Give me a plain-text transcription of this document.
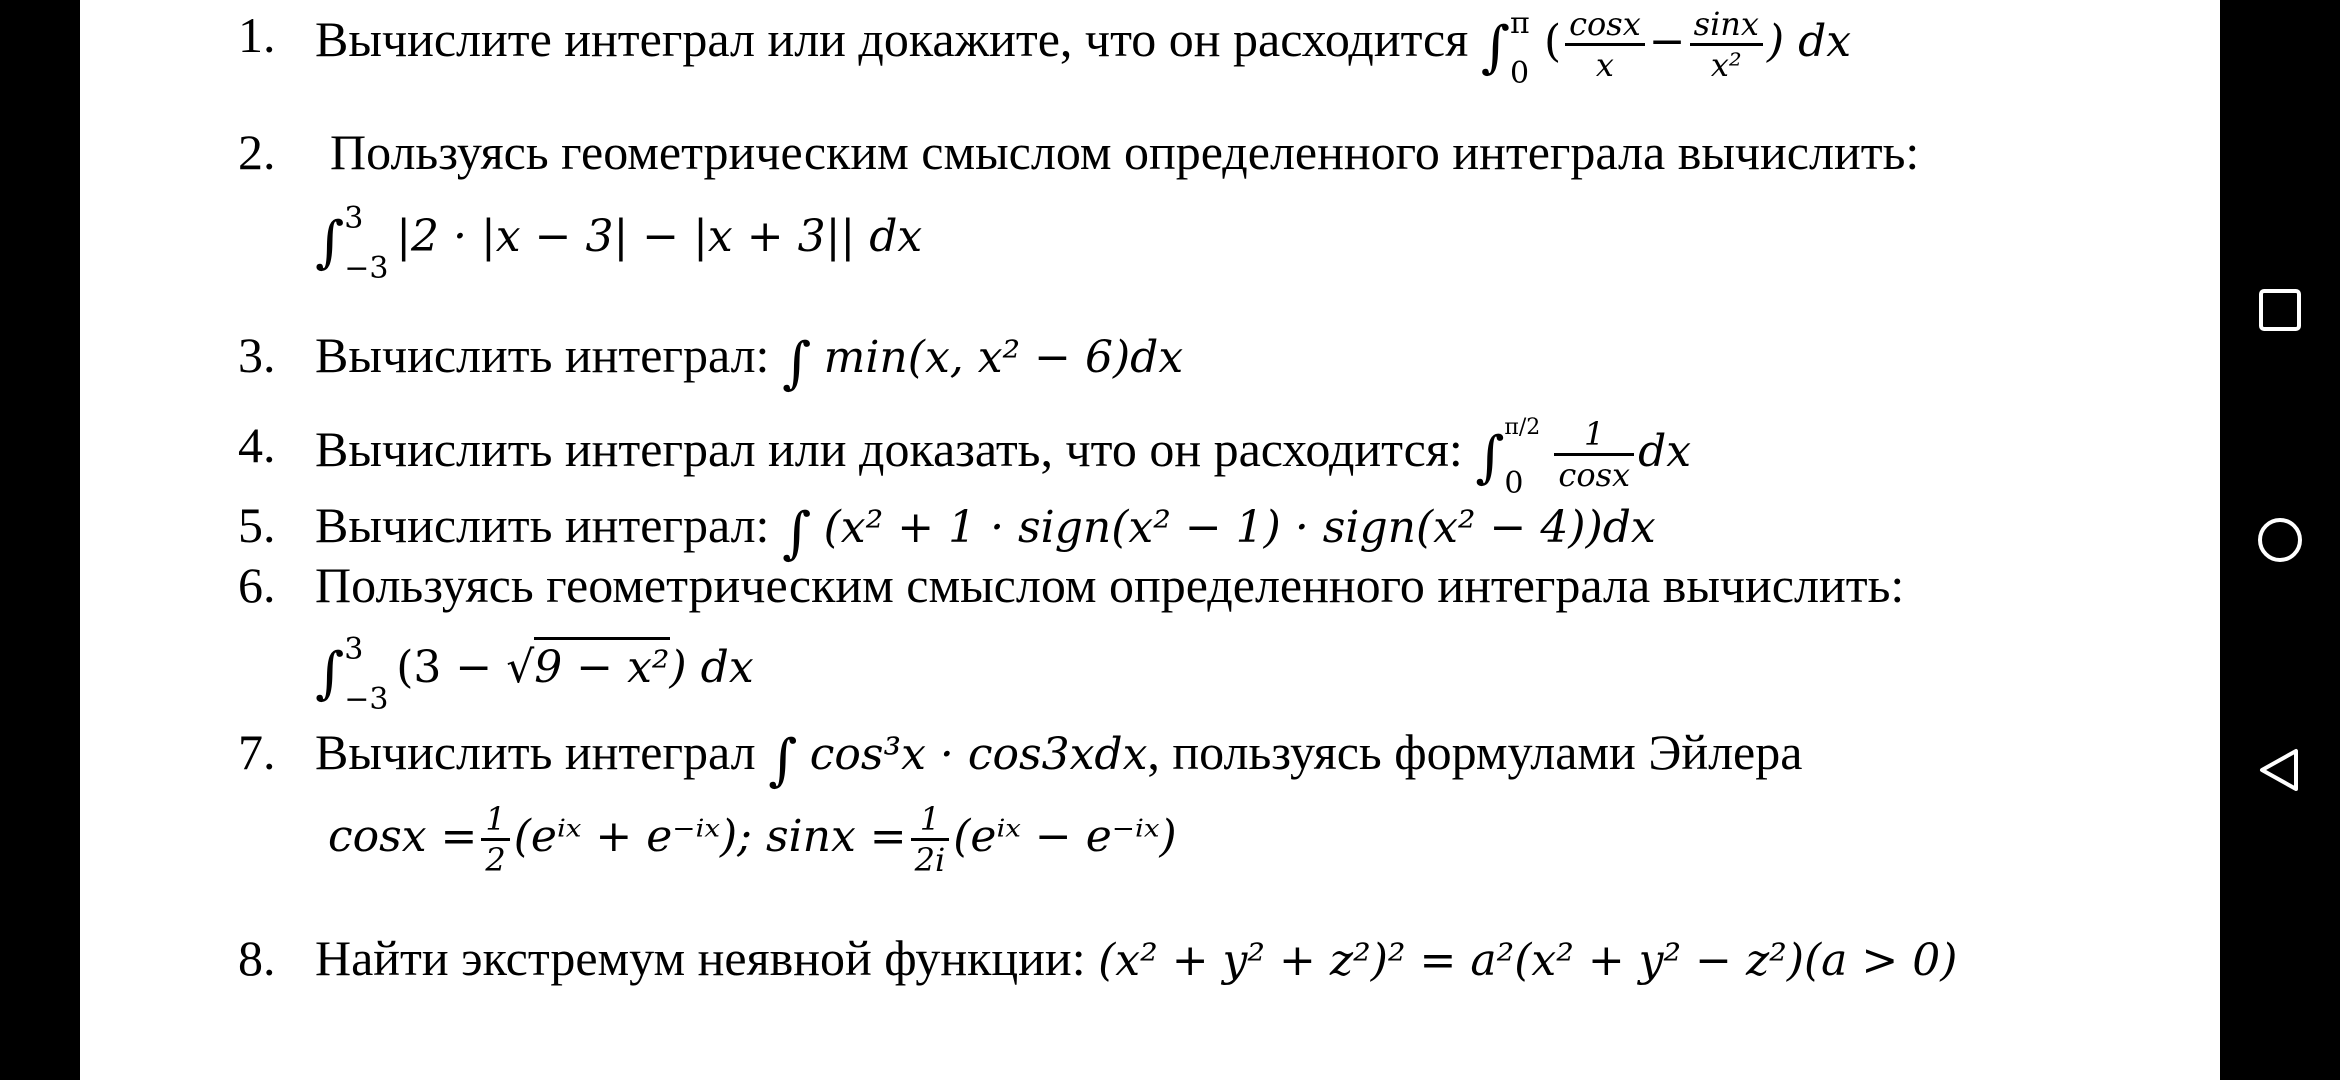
1. Вычислите интеграл или докажите, что он расходится ∫ π
0
( $\frac{\cos x}{x} - \frac{\sin x}{\text{x²}}$ ) dx
2.	Пользуясь геометрическим смыслом определенного интеграла вычислить:
∫ 3
−3
|2 · |x − 3| − |x + 3|| dx
3. Вычислить интеграл: ∫ min(x, x² − 6)dx
4. Вычислить интеграл или доказать, что он расходится: ∫ π/2
$0 \frac{1}{\cos x}$ dx
5. Вычислить интеграл: ∫ (x² + 1 · sign(x² − 1) · sign(x² − 4))dx
6. Пользуясь геометрическим смыслом определенного интеграла вычислить:
∫ 3
−3
(3 − √9 − x²) dx
7. Вычислить интеграл ∫ cos³x · cos3xdx, пользуясь формулами Эйлера
$\cos x = \frac{1}{2}$ (eⁱˣ + e⁻ⁱˣ); $\sin x = \frac{1}{2i}$ (eⁱˣ − e⁻ⁱˣ)
8. Найти экстремум неявной функции: (x² + y² + z²)² = a²(x² + y² − z²)(a > 0)
